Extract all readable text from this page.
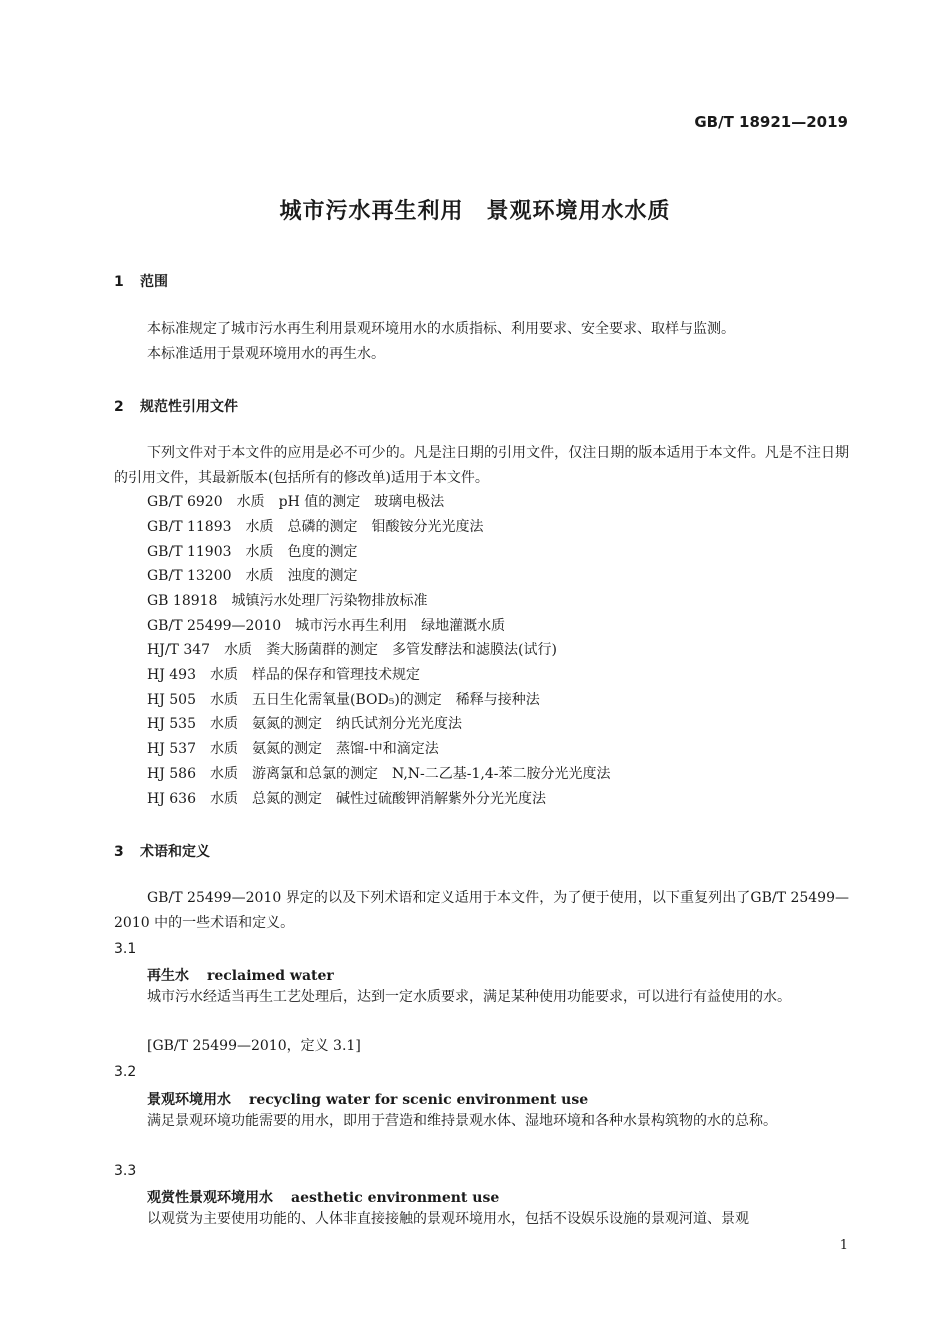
GB/T 18921—2019
城市污水再生利用　景观环境用水水质
1 范围
本标准规定了城市污水再生利用景观环境用水的水质指标、利用要求、安全要求、取样与监测。
本标准适用于景观环境用水的再生水。
2 规范性引用文件
下列文件对于本文件的应用是必不可少的。凡是注日期的引用文件，仅注日期的版本适用于本文件。凡是不注日期的引用文件，其最新版本(包括所有的修改单)适用于本文件。
GB/T 6920 水质 pH 值的测定 玻璃电极法
GB/T 11893 水质 总磷的测定 钼酸铵分光光度法
GB/T 11903 水质 色度的测定
GB/T 13200 水质 浊度的测定
GB 18918 城镇污水处理厂污染物排放标准
GB/T 25499—2010 城市污水再生利用 绿地灌溉水质
HJ/T 347 水质 粪大肠菌群的测定 多管发酵法和滤膜法(试行)
HJ 493 水质 样品的保存和管理技术规定
HJ 505 水质 五日生化需氧量(BOD₅)的测定 稀释与接种法
HJ 535 水质 氨氮的测定 纳氏试剂分光光度法
HJ 537 水质 氨氮的测定 蒸馏-中和滴定法
HJ 586 水质 游离氯和总氯的测定 N,N-二乙基-1,4-苯二胺分光光度法
HJ 636 水质 总氮的测定 碱性过硫酸钾消解紫外分光光度法
3 术语和定义
GB/T 25499—2010 界定的以及下列术语和定义适用于本文件，为了便于使用，以下重复列出了GB/T 25499—2010 中的一些术语和定义。
3.1
再生水 reclaimed water
城市污水经适当再生工艺处理后，达到一定水质要求，满足某种使用功能要求，可以进行有益使用的水。
[GB/T 25499—2010，定义 3.1]
3.2
景观环境用水 recycling water for scenic environment use
满足景观环境功能需要的用水，即用于营造和维持景观水体、湿地环境和各种水景构筑物的水的总称。
3.3
观赏性景观环境用水 aesthetic environment use
以观赏为主要使用功能的、人体非直接接触的景观环境用水，包括不设娱乐设施的景观河道、景观
1
